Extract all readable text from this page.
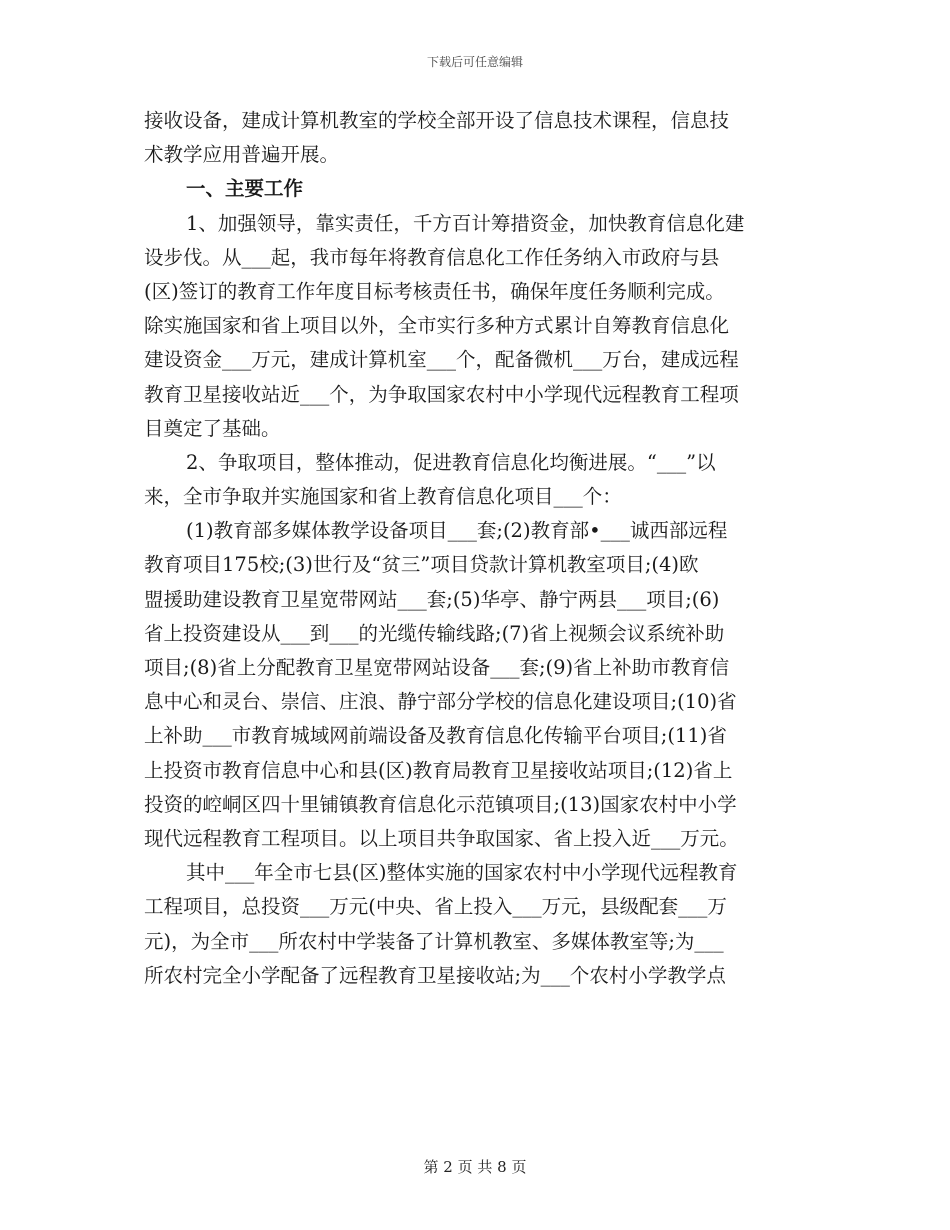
下载后可任意编辑
接收设备，建成计算机教室的学校全部开设了信息技术课程，信息技
术教学应用普遍开展。
一、主要工作
1、加强领导，靠实责任，千方百计筹措资金，加快教育信息化建
设步伐。从___起，我市每年将教育信息化工作任务纳入市政府与县
(区)签订的教育工作年度目标考核责任书，确保年度任务顺利完成。
除实施国家和省上项目以外，全市实行多种方式累计自筹教育信息化
建设资金___万元，建成计算机室___个，配备微机___万台，建成远程
教育卫星接收站近___个，为争取国家农村中小学现代远程教育工程项
目奠定了基础。
2、争取项目，整体推动，促进教育信息化均衡进展。“___”以
来，全市争取并实施国家和省上教育信息化项目___个：
(1)教育部多媒体教学设备项目___套;(2)教育部•___诚西部远程
教育项目175校;(3)世行及“贫三”项目贷款计算机教室项目;(4)欧
盟援助建设教育卫星宽带网站___套;(5)华亭、静宁两县___项目;(6)
省上投资建设从___到___的光缆传输线路;(7)省上视频会议系统补助
项目;(8)省上分配教育卫星宽带网站设备___套;(9)省上补助市教育信
息中心和灵台、崇信、庄浪、静宁部分学校的信息化建设项目;(10)省
上补助___市教育城域网前端设备及教育信息化传输平台项目;(11)省
上投资市教育信息中心和县(区)教育局教育卫星接收站项目;(12)省上
投资的崆峒区四十里铺镇教育信息化示范镇项目;(13)国家农村中小学
现代远程教育工程项目。以上项目共争取国家、省上投入近___万元。
其中___年全市七县(区)整体实施的国家农村中小学现代远程教育
工程项目，总投资___万元(中央、省上投入___万元，县级配套___万
元)，为全市___所农村中学装备了计算机教室、多媒体教室等;为___
所农村完全小学配备了远程教育卫星接收站;为___个农村小学教学点
第 2 页 共 8 页
